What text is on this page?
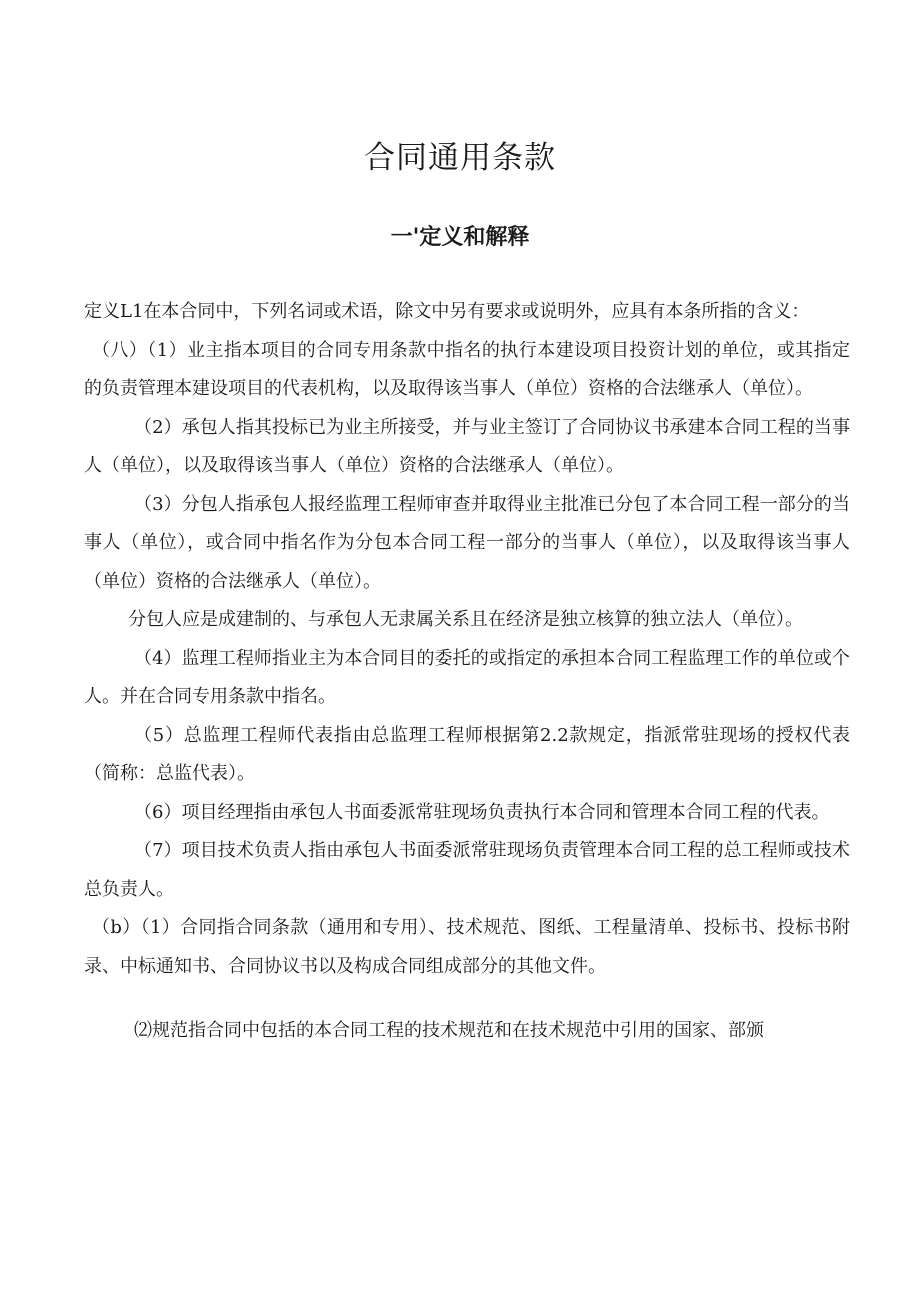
合同通用条款
一'定义和解释

定义L1在本合同中，下列名词或术语，除文中另有要求或说明外，应具有本条所指的含义：

（八）（1）业主指本项目的合同专用条款中指名的执行本建设项目投资计划的单位，或其指定的负责管理本建设项目的代表机构，以及取得该当事人（单位）资格的合法继承人（单位）。

（2）承包人指其投标已为业主所接受，并与业主签订了合同协议书承建本合同工程的当事人（单位），以及取得该当事人（单位）资格的合法继承人（单位）。

（3）分包人指承包人报经监理工程师审查并取得业主批准已分包了本合同工程一部分的当事人（单位），或合同中指名作为分包本合同工程一部分的当事人（单位），以及取得该当事人（单位）资格的合法继承人（单位）。

分包人应是成建制的、与承包人无隶属关系且在经济是独立核算的独立法人（单位）。

（4）监理工程师指业主为本合同目的委托的或指定的承担本合同工程监理工作的单位或个人。并在合同专用条款中指名。

（5）总监理工程师代表指由总监理工程师根据第2.2款规定，指派常驻现场的授权代表（简称：总监代表）。

（6）项目经理指由承包人书面委派常驻现场负责执行本合同和管理本合同工程的代表。

（7）项目技术负责人指由承包人书面委派常驻现场负责管理本合同工程的总工程师或技术总负责人。

（b）（1）合同指合同条款（通用和专用）、技术规范、图纸、工程量清单、投标书、投标书附录、中标通知书、合同协议书以及构成合同组成部分的其他文件。

⑵规范指合同中包括的本合同工程的技术规范和在技术规范中引用的国家、部颁
